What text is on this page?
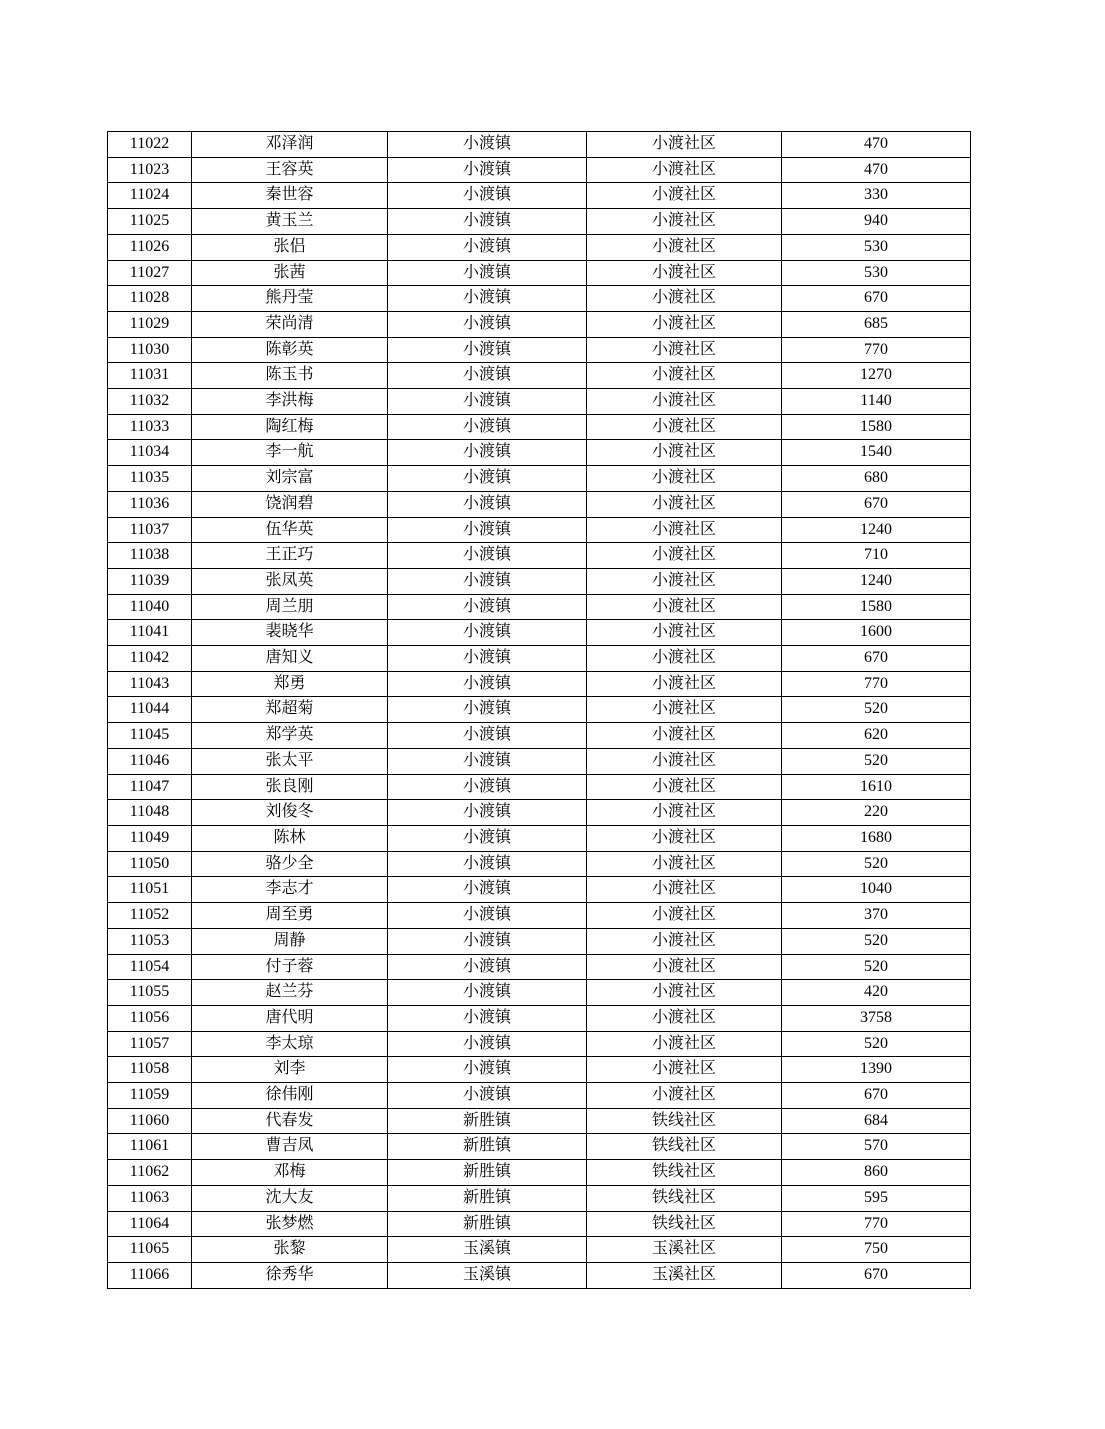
11022	邓泽润	小渡镇	小渡社区	470
11023	王容英	小渡镇	小渡社区	470
11024	秦世容	小渡镇	小渡社区	330
11025	黄玉兰	小渡镇	小渡社区	940
11026	张侣	小渡镇	小渡社区	530
11027	张茜	小渡镇	小渡社区	530
11028	熊丹莹	小渡镇	小渡社区	670
11029	荣尚清	小渡镇	小渡社区	685
11030	陈彰英	小渡镇	小渡社区	770
11031	陈玉书	小渡镇	小渡社区	1270
11032	李洪梅	小渡镇	小渡社区	1140
11033	陶红梅	小渡镇	小渡社区	1580
11034	李一航	小渡镇	小渡社区	1540
11035	刘宗富	小渡镇	小渡社区	680
11036	饶润碧	小渡镇	小渡社区	670
11037	伍华英	小渡镇	小渡社区	1240
11038	王正巧	小渡镇	小渡社区	710
11039	张凤英	小渡镇	小渡社区	1240
11040	周兰朋	小渡镇	小渡社区	1580
11041	裴晓华	小渡镇	小渡社区	1600
11042	唐知义	小渡镇	小渡社区	670
11043	郑勇	小渡镇	小渡社区	770
11044	郑超菊	小渡镇	小渡社区	520
11045	郑学英	小渡镇	小渡社区	620
11046	张太平	小渡镇	小渡社区	520
11047	张良刚	小渡镇	小渡社区	1610
11048	刘俊冬	小渡镇	小渡社区	220
11049	陈林	小渡镇	小渡社区	1680
11050	骆少全	小渡镇	小渡社区	520
11051	李志才	小渡镇	小渡社区	1040
11052	周至勇	小渡镇	小渡社区	370
11053	周静	小渡镇	小渡社区	520
11054	付子蓉	小渡镇	小渡社区	520
11055	赵兰芬	小渡镇	小渡社区	420
11056	唐代明	小渡镇	小渡社区	3758
11057	李太琼	小渡镇	小渡社区	520
11058	刘李	小渡镇	小渡社区	1390
11059	徐伟刚	小渡镇	小渡社区	670
11060	代春发	新胜镇	铁线社区	684
11061	曹吉凤	新胜镇	铁线社区	570
11062	邓梅	新胜镇	铁线社区	860
11063	沈大友	新胜镇	铁线社区	595
11064	张梦燃	新胜镇	铁线社区	770
11065	张黎	玉溪镇	玉溪社区	750
11066	徐秀华	玉溪镇	玉溪社区	670
